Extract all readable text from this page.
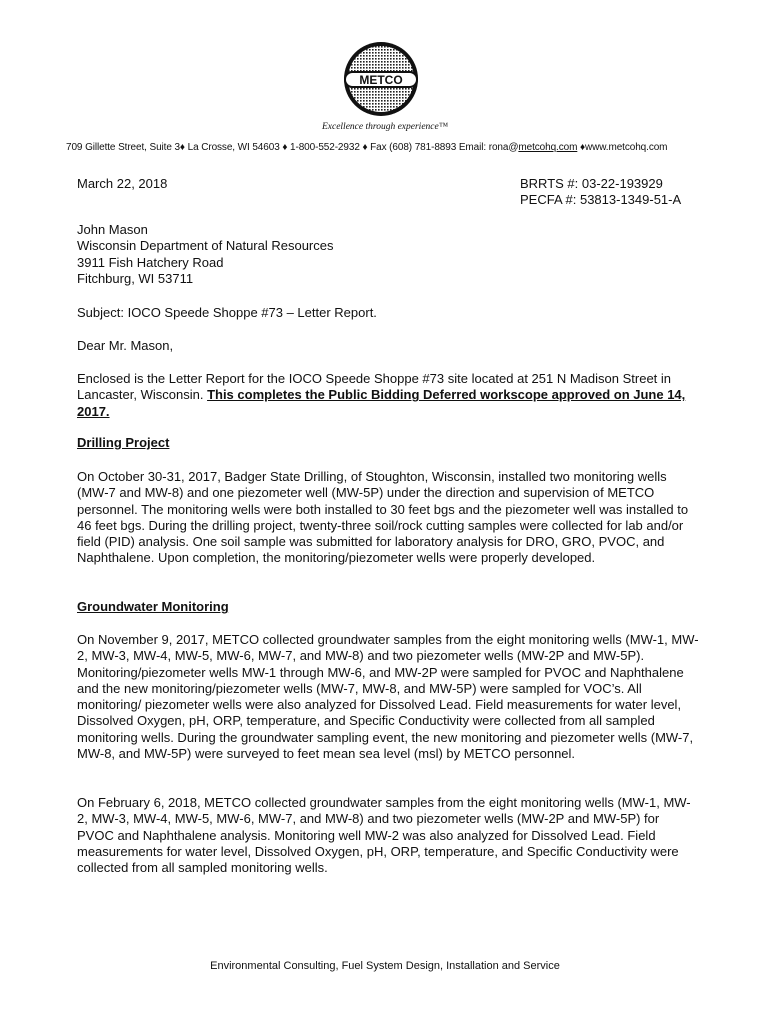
METCO
Excellence through experience™
709 Gillette Street, Suite 3♦ La Crosse, WI 54603 ♦ 1-800-552-2932 ♦ Fax (608) 781-8893 Email: rona@metcohq.com ♦www.metcohq.com
March 22, 2018	BRRTS #: 03-22-193929
PECFA #: 53813-1349-51-A
John Mason
Wisconsin Department of Natural Resources
3911 Fish Hatchery Road
Fitchburg, WI 53711
Subject: IOCO Speede Shoppe #73 – Letter Report.
Dear Mr. Mason,
Enclosed is the Letter Report for the IOCO Speede Shoppe #73 site located at 251 N Madison Street in Lancaster, Wisconsin. This completes the Public Bidding Deferred workscope approved on June 14, 2017.
Drilling Project
On October 30-31, 2017, Badger State Drilling, of Stoughton, Wisconsin, installed two monitoring wells (MW-7 and MW-8) and one piezometer well (MW-5P) under the direction and supervision of METCO personnel. The monitoring wells were both installed to 30 feet bgs and the piezometer well was installed to 46 feet bgs. During the drilling project, twenty-three soil/rock cutting samples were collected for lab and/or field (PID) analysis. One soil sample was submitted for laboratory analysis for DRO, GRO, PVOC, and Naphthalene. Upon completion, the monitoring/piezometer wells were properly developed.
Groundwater Monitoring
On November 9, 2017, METCO collected groundwater samples from the eight monitoring wells (MW-1, MW-2, MW-3, MW-4, MW-5, MW-6, MW-7, and MW-8) and two piezometer wells (MW-2P and MW-5P). Monitoring/piezometer wells MW-1 through MW-6, and MW-2P were sampled for PVOC and Naphthalene and the new monitoring/piezometer wells (MW-7, MW-8, and MW-5P) were sampled for VOC’s. All monitoring/ piezometer wells were also analyzed for Dissolved Lead. Field measurements for water level, Dissolved Oxygen, pH, ORP, temperature, and Specific Conductivity were collected from all sampled monitoring wells. During the groundwater sampling event, the new monitoring and piezometer wells (MW-7, MW-8, and MW-5P) were surveyed to feet mean sea level (msl) by METCO personnel.
On February 6, 2018, METCO collected groundwater samples from the eight monitoring wells (MW-1, MW-2, MW-3, MW-4, MW-5, MW-6, MW-7, and MW-8) and two piezometer wells (MW-2P and MW-5P) for PVOC and Naphthalene analysis. Monitoring well MW-2 was also analyzed for Dissolved Lead. Field measurements for water level, Dissolved Oxygen, pH, ORP, temperature, and Specific Conductivity were collected from all sampled monitoring wells.
Environmental Consulting, Fuel System Design, Installation and Service
